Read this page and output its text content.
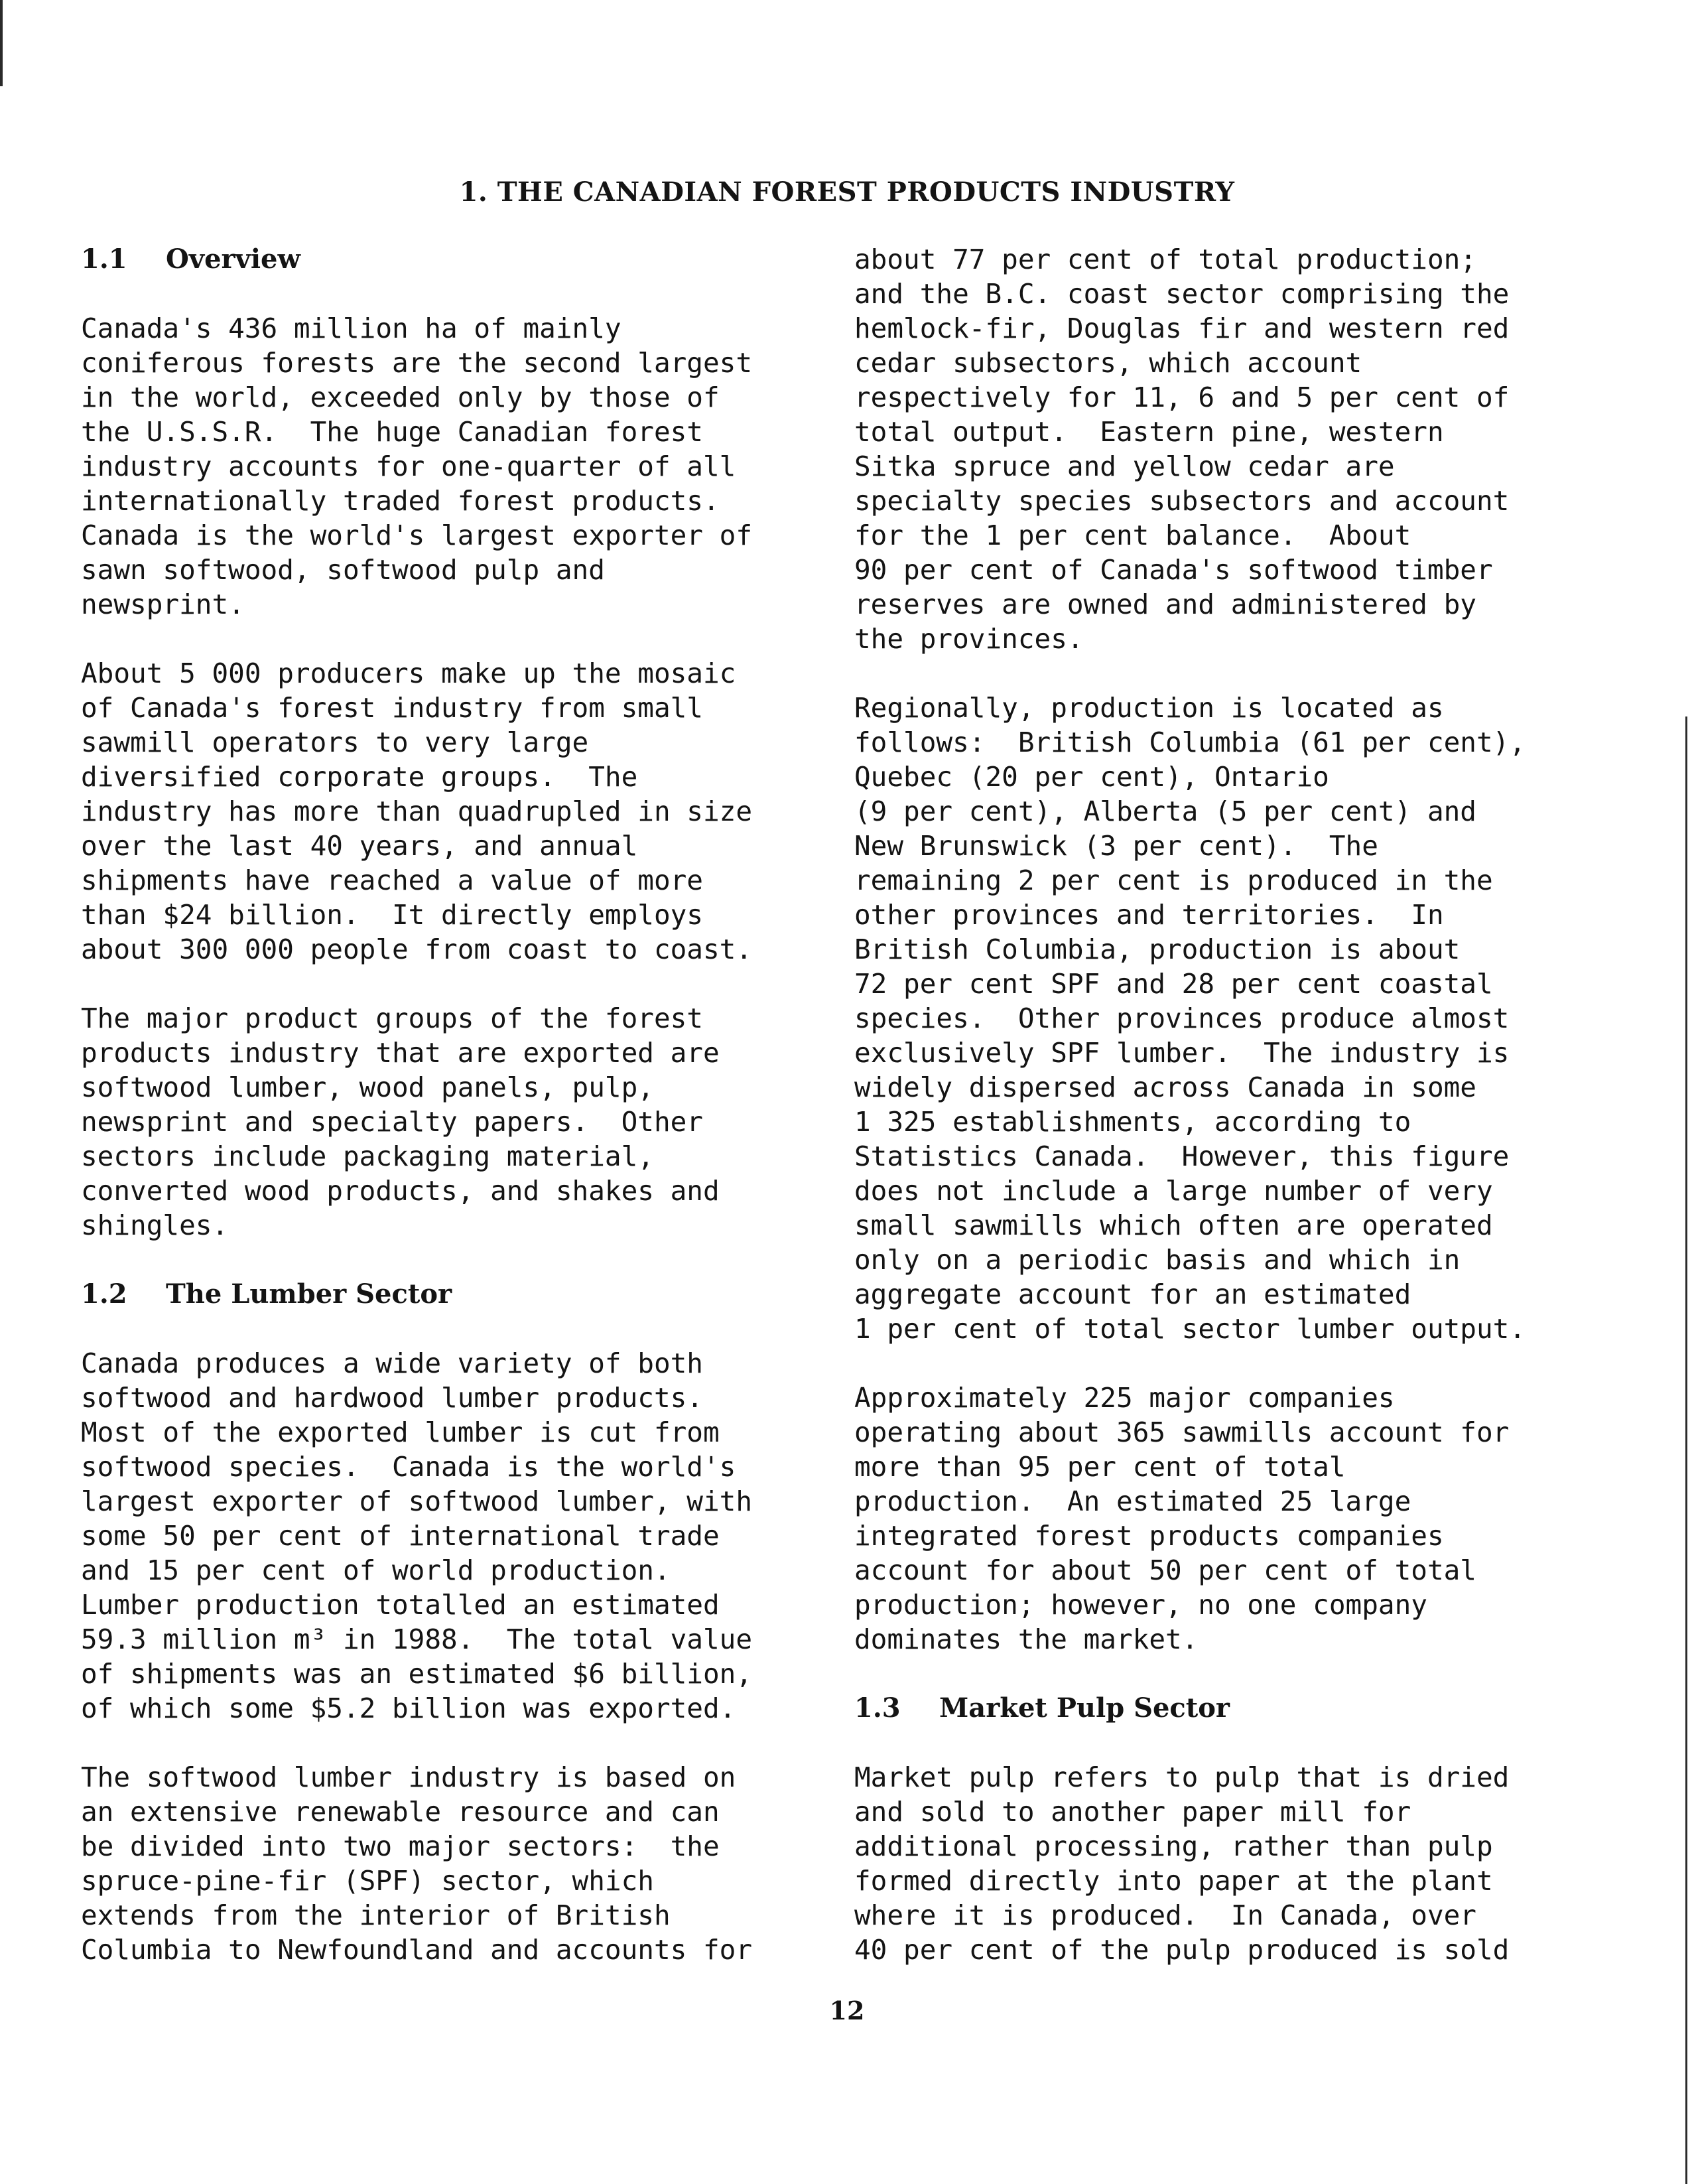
1. THE CANADIAN FOREST PRODUCTS INDUSTRY
1.1 Overview

Canada's 436 million ha of mainly
coniferous forests are the second largest
in the world, exceeded only by those of
the U.S.S.R.  The huge Canadian forest
industry accounts for one-quarter of all
internationally traded forest products.
Canada is the world's largest exporter of
sawn softwood, softwood pulp and
newsprint.

About 5 000 producers make up the mosaic
of Canada's forest industry from small
sawmill operators to very large
diversified corporate groups.  The
industry has more than quadrupled in size
over the last 40 years, and annual
shipments have reached a value of more
than $24 billion.  It directly employs
about 300 000 people from coast to coast.

The major product groups of the forest
products industry that are exported are
softwood lumber, wood panels, pulp,
newsprint and specialty papers.  Other
sectors include packaging material,
converted wood products, and shakes and
shingles.

1.2 The Lumber Sector

Canada produces a wide variety of both
softwood and hardwood lumber products.
Most of the exported lumber is cut from
softwood species.  Canada is the world's
largest exporter of softwood lumber, with
some 50 per cent of international trade
and 15 per cent of world production.
Lumber production totalled an estimated
59.3 million m³ in 1988.  The total value
of shipments was an estimated $6 billion,
of which some $5.2 billion was exported.

The softwood lumber industry is based on
an extensive renewable resource and can
be divided into two major sectors:  the
spruce-pine-fir (SPF) sector, which
extends from the interior of British
Columbia to Newfoundland and accounts for

about 77 per cent of total production;
and the B.C. coast sector comprising the
hemlock-fir, Douglas fir and western red
cedar subsectors, which account
respectively for 11, 6 and 5 per cent of
total output.  Eastern pine, western
Sitka spruce and yellow cedar are
specialty species subsectors and account
for the 1 per cent balance.  About
90 per cent of Canada's softwood timber
reserves are owned and administered by
the provinces.

Regionally, production is located as
follows:  British Columbia (61 per cent),
Quebec (20 per cent), Ontario
(9 per cent), Alberta (5 per cent) and
New Brunswick (3 per cent).  The
remaining 2 per cent is produced in the
other provinces and territories.  In
British Columbia, production is about
72 per cent SPF and 28 per cent coastal
species.  Other provinces produce almost
exclusively SPF lumber.  The industry is
widely dispersed across Canada in some
1 325 establishments, according to
Statistics Canada.  However, this figure
does not include a large number of very
small sawmills which often are operated
only on a periodic basis and which in
aggregate account for an estimated
1 per cent of total sector lumber output.

Approximately 225 major companies
operating about 365 sawmills account for
more than 95 per cent of total
production.  An estimated 25 large
integrated forest products companies
account for about 50 per cent of total
production; however, no one company
dominates the market.

1.3 Market Pulp Sector

Market pulp refers to pulp that is dried
and sold to another paper mill for
additional processing, rather than pulp
formed directly into paper at the plant
where it is produced.  In Canada, over
40 per cent of the pulp produced is sold

12
